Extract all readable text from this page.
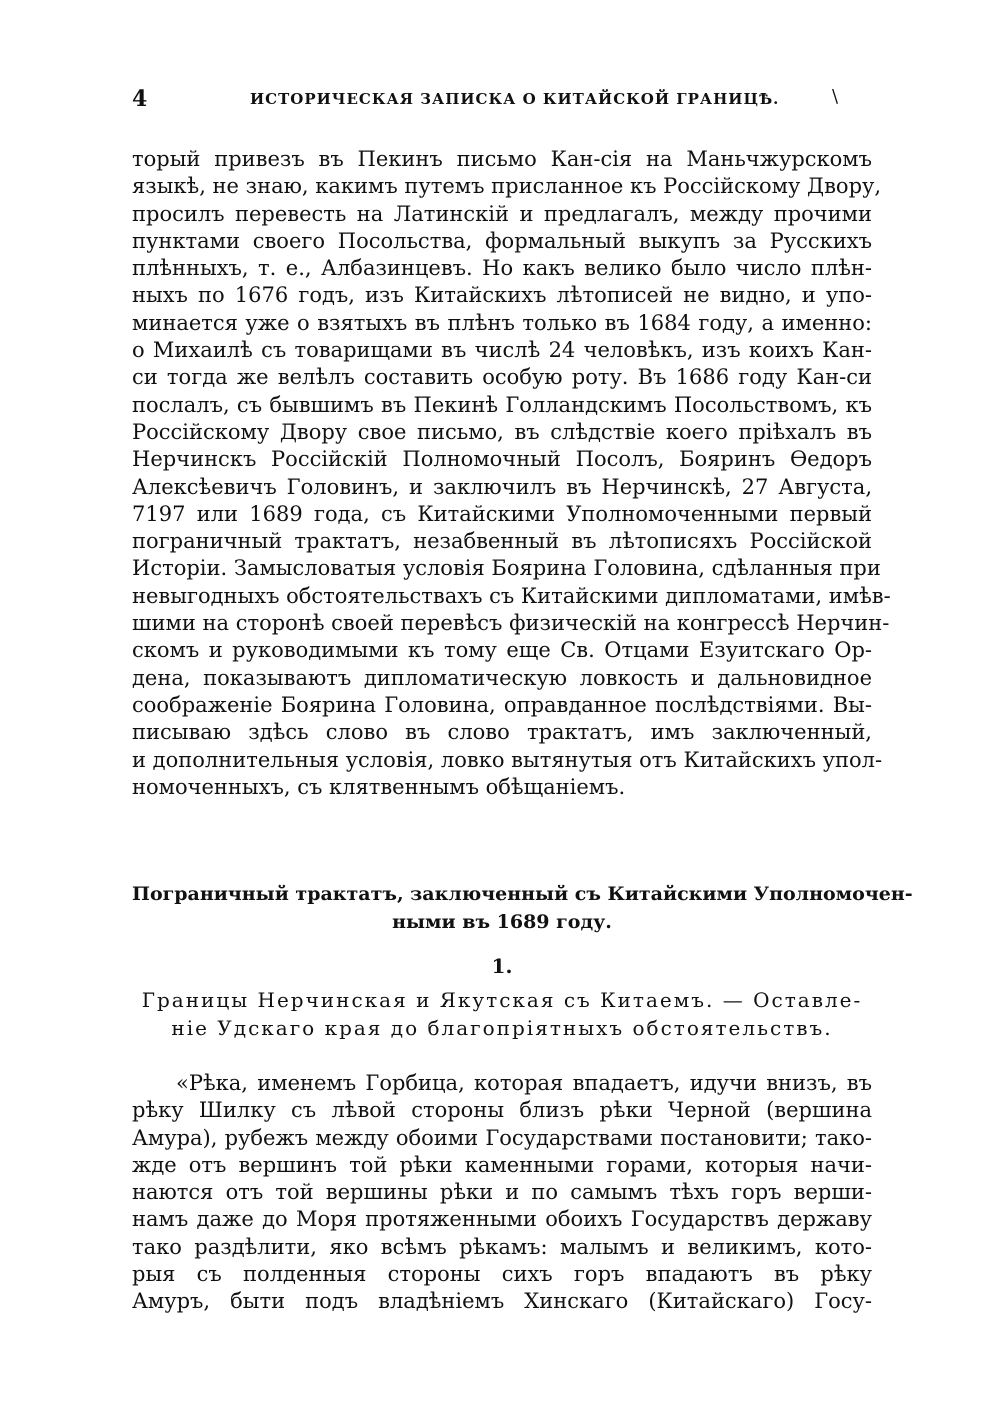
4	ИСТОРИЧЕСКАЯ ЗАПИСКА О КИТАЙСКОЙ ГРАНИЦѢ.	\
торый привезъ въ Пекинъ письмо Кан-сія на Маньчжурскомъ
языкѣ, не знаю, какимъ путемъ присланное къ Россійскому Двору,
просилъ перевесть на Латинскій и предлагалъ, между прочими
пунктами своего Посольства, формальный выкупъ за Русскихъ
плѣнныхъ, т. е., Албазинцевъ. Но какъ велико было число плѣн-
ныхъ по 1676 годъ, изъ Китайскихъ лѣтописей не видно, и упо-
минается уже о взятыхъ въ плѣнъ только въ 1684 году, а именно:
о Михаилѣ съ товарищами въ числѣ 24 человѣкъ, изъ коихъ Кан-
си тогда же велѣлъ составить особую роту. Въ 1686 году Кан-си
послалъ, съ бывшимъ въ Пекинѣ Голландскимъ Посольствомъ, къ
Россійскому Двору свое письмо, въ слѣдствіе коего пріѣхалъ въ
Нерчинскъ Россійскій Полномочный Посолъ, Бояринъ Ѳедоръ
Алексѣевичъ Головинъ, и заключилъ въ Нерчинскѣ, 27 Августа,
7197 или 1689 года, съ Китайскими Уполномоченными первый
пограничный трактатъ, незабвенный въ лѣтописяхъ Россійской
Исторіи. Замысловатыя условія Боярина Головина, сдѣланныя при
невыгодныхъ обстоятельствахъ съ Китайскими дипломатами, имѣв-
шими на сторонѣ своей перевѣсъ физическій на конгрессѣ Нерчин-
скомъ и руководимыми къ тому еще Св. Отцами Езуитскаго Ор-
дена, показываютъ дипломатическую ловкость и дальновидное
соображеніе Боярина Головина, оправданное послѣдствіями. Вы-
писываю здѣсь слово въ слово трактатъ, имъ заключенный,
и дополнительныя условія, ловко вытянутыя отъ Китайскихъ упол-
номоченныхъ, съ клятвеннымъ обѣщаніемъ.
Пограничный трактатъ, заключенный съ Китайскими Уполномочен-
ными въ 1689 году.
1.
Границы Нерчинская и Якутская съ Китаемъ. — Оставле-
ніе Удскаго края до благопріятныхъ обстоятельствъ.
«Рѣка, именемъ Горбица, которая впадаетъ, идучи внизъ, въ
рѣку Шилку съ лѣвой стороны близъ рѣки Черной (вершина
Амура), рубежъ между обоими Государствами постановити; тако-
жде отъ вершинъ той рѣки каменными горами, которыя начи-
наются отъ той вершины рѣки и по самымъ тѣхъ горъ верши-
намъ даже до Моря протяженными обоихъ Государствъ державу
тако раздѣлити, яко всѣмъ рѣкамъ: малымъ и великимъ, кото-
рыя съ полденныя стороны сихъ горъ впадаютъ въ рѣку
Амуръ, быти подъ владѣніемъ Хинскаго (Китайскаго) Госу-
